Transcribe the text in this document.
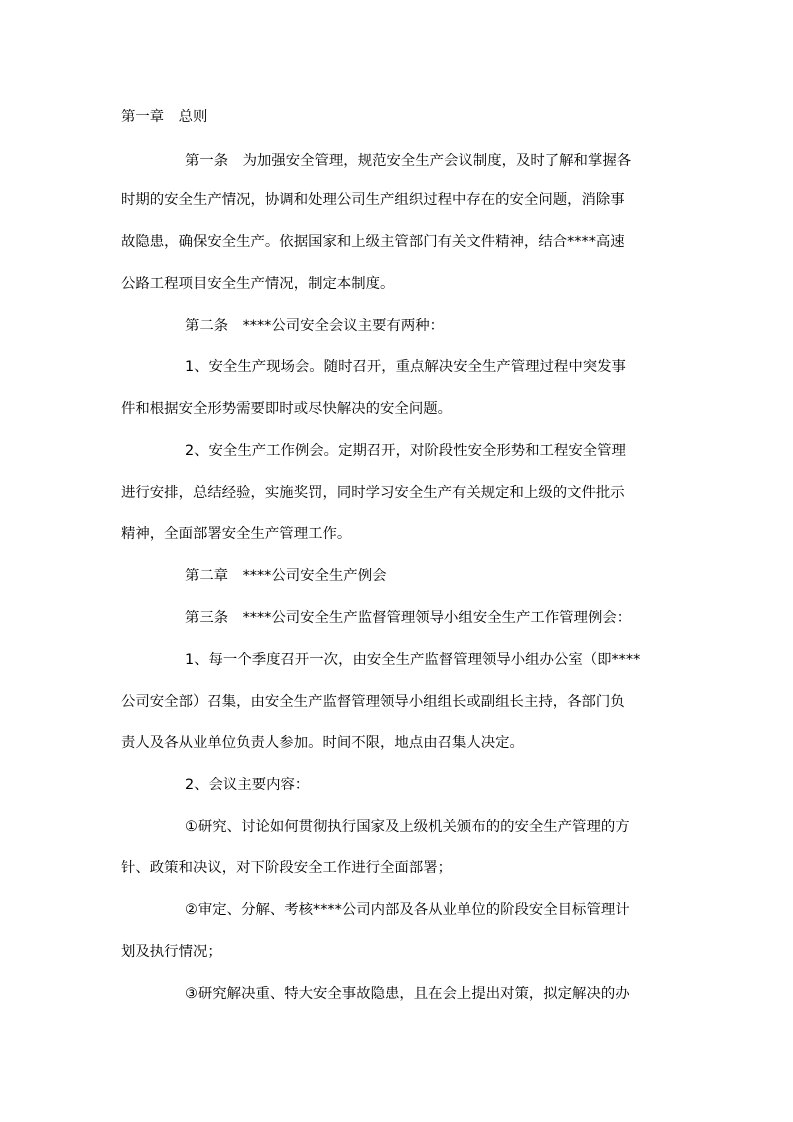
第一章　总则
第一条　为加强安全管理，规范安全生产会议制度，及时了解和掌握各
时期的安全生产情况，协调和处理公司生产组织过程中存在的安全问题，消除事
故隐患，确保安全生产。依据国家和上级主管部门有关文件精神，结合****高速
公路工程项目安全生产情况，制定本制度。
第二条　****公司安全会议主要有两种：
1、安全生产现场会。随时召开，重点解决安全生产管理过程中突发事
件和根据安全形势需要即时或尽快解决的安全问题。
2、安全生产工作例会。定期召开，对阶段性安全形势和工程安全管理
进行安排，总结经验，实施奖罚，同时学习安全生产有关规定和上级的文件批示
精神，全面部署安全生产管理工作。
第二章　****公司安全生产例会
第三条　****公司安全生产监督管理领导小组安全生产工作管理例会：
1、每一个季度召开一次，由安全生产监督管理领导小组办公室（即****
公司安全部）召集，由安全生产监督管理领导小组组长或副组长主持，各部门负
责人及各从业单位负责人参加。时间不限，地点由召集人决定。
2、会议主要内容：
①研究、讨论如何贯彻执行国家及上级机关颁布的的安全生产管理的方
针、政策和决议，对下阶段安全工作进行全面部署；
②审定、分解、考核****公司内部及各从业单位的阶段安全目标管理计
划及执行情况；
③研究解决重、特大安全事故隐患，且在会上提出对策，拟定解决的办
